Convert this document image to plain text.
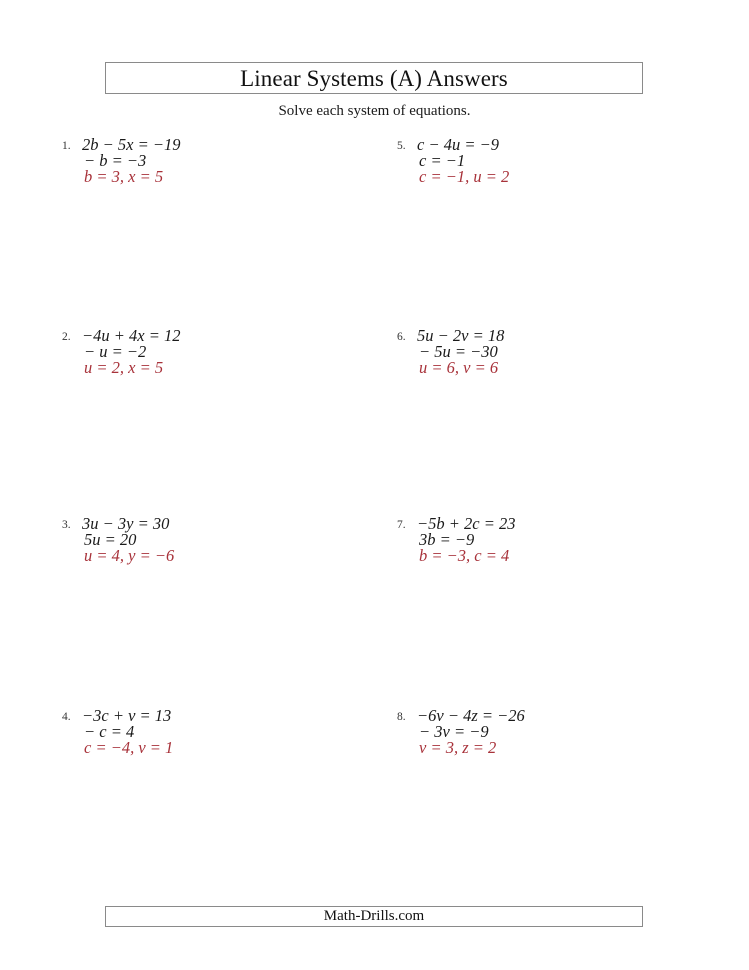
Linear Systems (A) Answers
Solve each system of equations.
1. 2b − 5x = −19
− b = −3
b = 3, x = 5
2. −4u + 4x = 12
− u = −2
u = 2, x = 5
3. 3u − 3y = 30
5u = 20
u = 4, y = −6
4. −3c + v = 13
− c = 4
c = −4, v = 1
5. c − 4u = −9
c = −1
c = −1, u = 2
6. 5u − 2v = 18
− 5u = −30
u = 6, v = 6
7. −5b + 2c = 23
3b = −9
b = −3, c = 4
8. −6v − 4z = −26
− 3v = −9
v = 3, z = 2
Math-Drills.com
